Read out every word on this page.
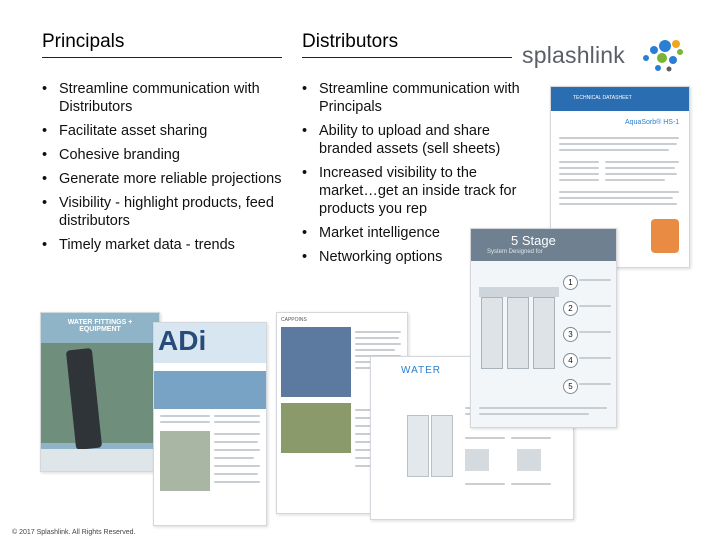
Principals	Distributors
• Streamline communication with Distributors
• Facilitate asset sharing
• Cohesive branding
• Generate more reliable projections
• Visibility - highlight products, feed distributors
• Timely market data - trends
• Streamline communication with Principals
• Ability to upload and share branded assets (sell sheets)
• Increased visibility to the market…get an inside track for products you rep
• Market intelligence
• Networking options
splashlink
TECHNICAL DATASHEET
AquaSorb® HS-1
WATER FITTINGS + EQUIPMENT	ADi
CAPPOINS
WATER
5 Stage
System Designed for
1
2
3
4
5
© 2017 Splashlink. All Rights Reserved.
